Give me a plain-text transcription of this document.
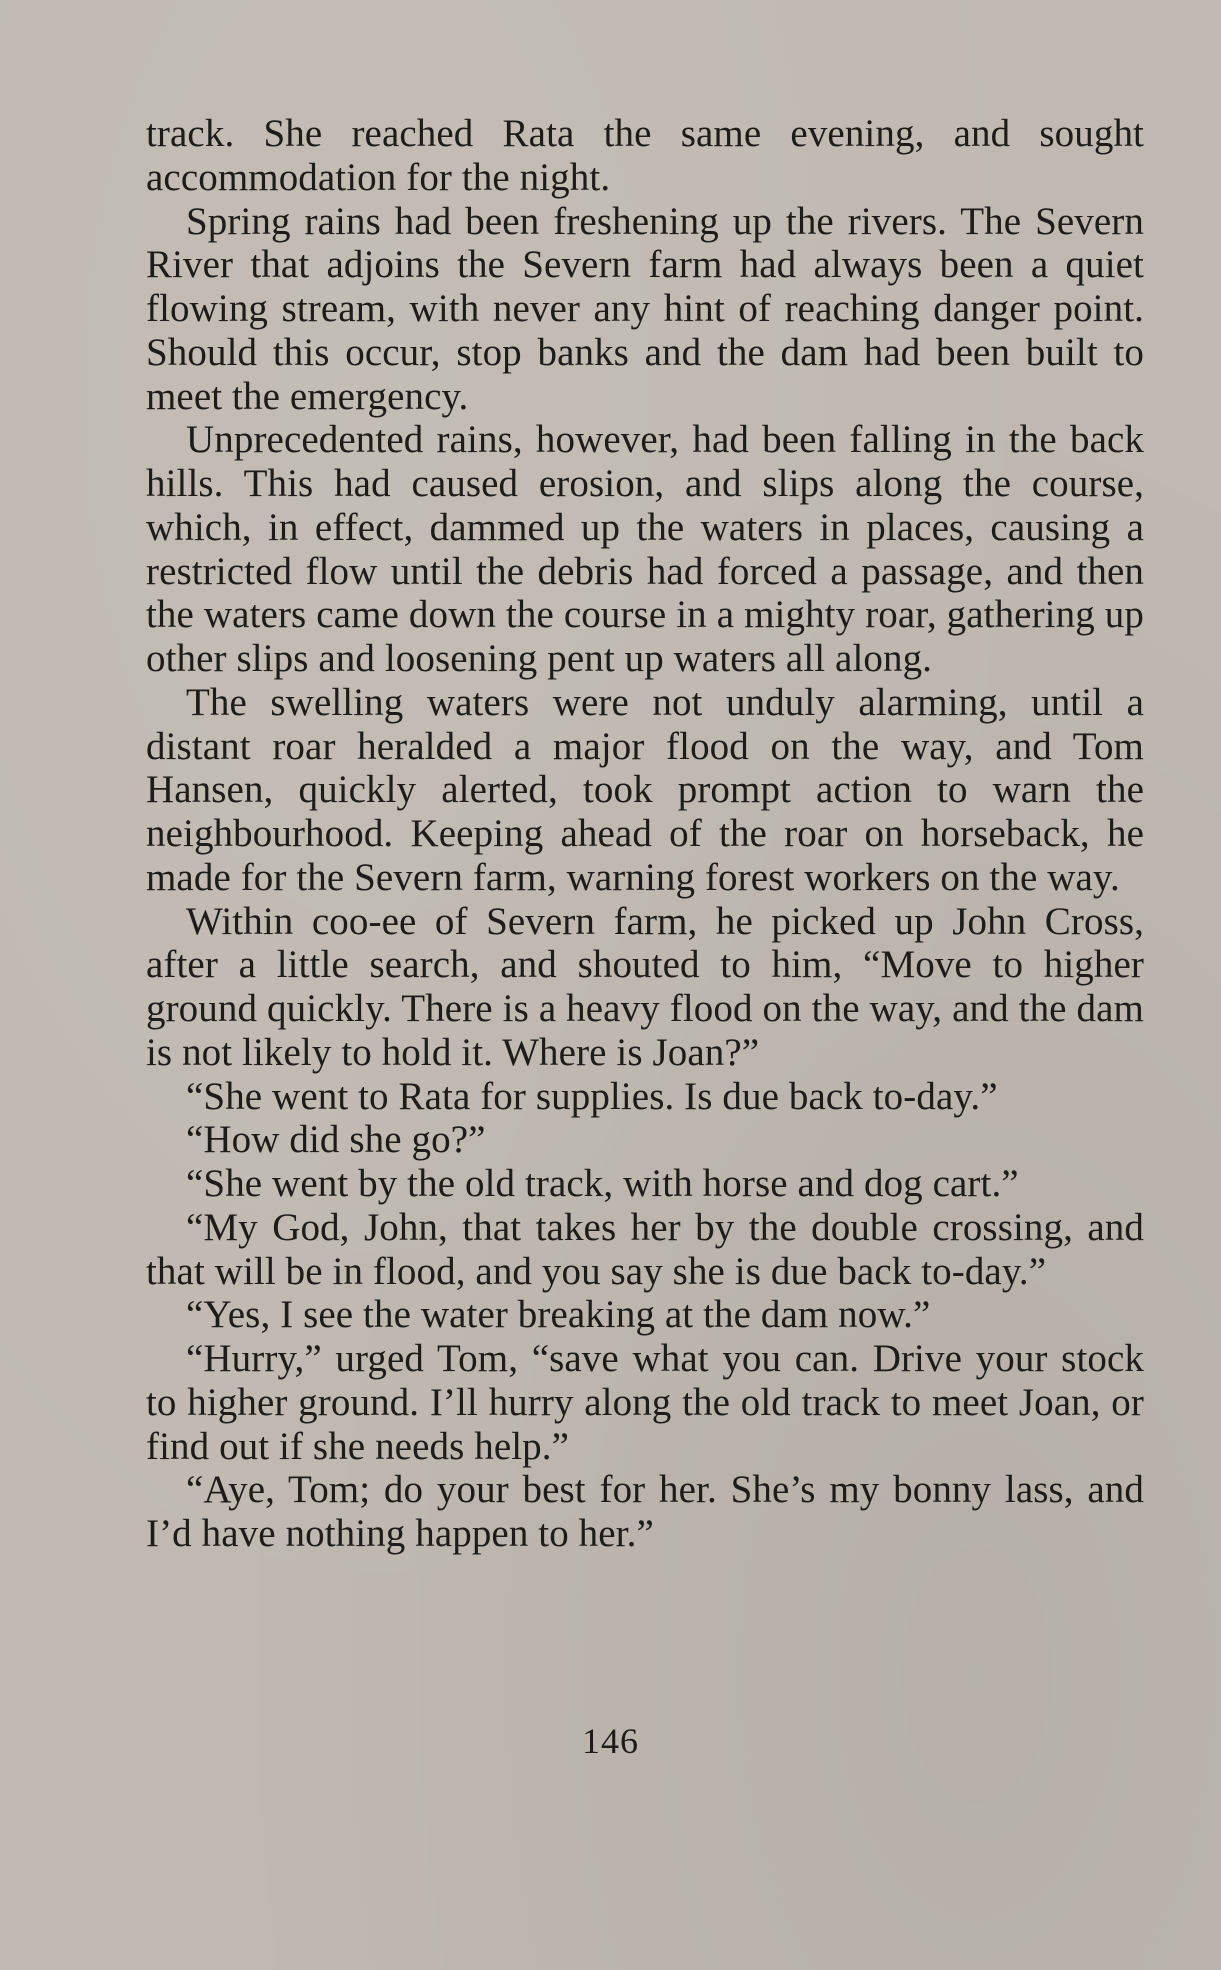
track. She reached Rata the same evening, and sought accommodation for the night.

Spring rains had been freshening up the rivers. The Severn River that adjoins the Severn farm had always been a quiet flowing stream, with never any hint of reaching danger point. Should this occur, stop banks and the dam had been built to meet the emergency.

Unprecedented rains, however, had been falling in the back hills. This had caused erosion, and slips along the course, which, in effect, dammed up the waters in places, causing a restricted flow until the debris had forced a passage, and then the waters came down the course in a mighty roar, gathering up other slips and loosening pent up waters all along.

The swelling waters were not unduly alarming, until a distant roar heralded a major flood on the way, and Tom Hansen, quickly alerted, took prompt action to warn the neighbourhood. Keeping ahead of the roar on horseback, he made for the Severn farm, warning forest workers on the way.

Within coo-ee of Severn farm, he picked up John Cross, after a little search, and shouted to him, “Move to higher ground quickly. There is a heavy flood on the way, and the dam is not likely to hold it. Where is Joan?”

“She went to Rata for supplies. Is due back to-day.”

“How did she go?”

“She went by the old track, with horse and dog cart.”

“My God, John, that takes her by the double crossing, and that will be in flood, and you say she is due back to-day.”

“Yes, I see the water breaking at the dam now.”

“Hurry,” urged Tom, “save what you can. Drive your stock to higher ground. I’ll hurry along the old track to meet Joan, or find out if she needs help.”

“Aye, Tom; do your best for her. She’s my bonny lass, and I’d have nothing happen to her.”

146
